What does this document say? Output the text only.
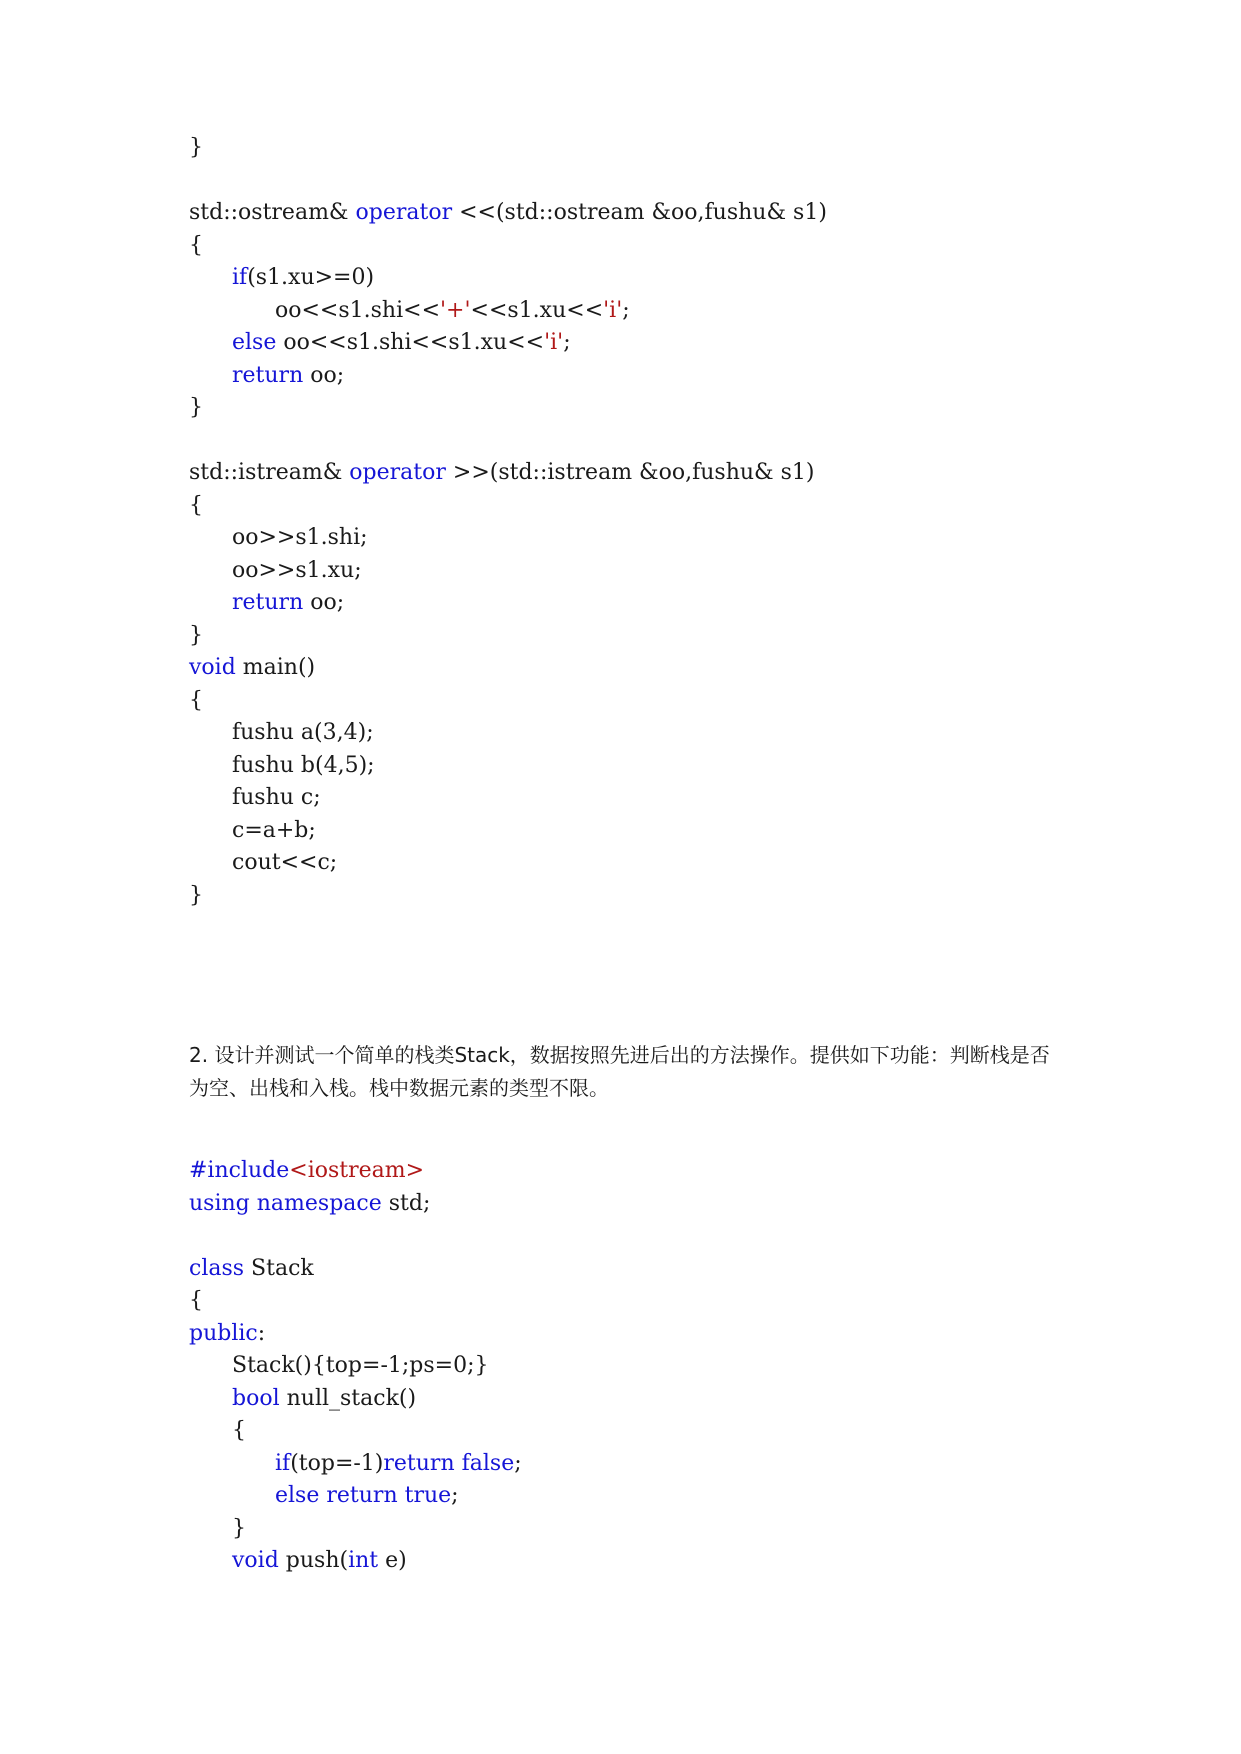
}
std::ostream& operator <<(std::ostream &oo,fushu& s1)
{
if(s1.xu>=0)
oo<<s1.shi<<'+'<<s1.xu<<'i';
else oo<<s1.shi<<s1.xu<<'i';
return oo;
}
std::istream& operator >>(std::istream &oo,fushu& s1)
{
oo>>s1.shi;
oo>>s1.xu;
return oo;
}
void main()
{
fushu a(3,4);
fushu b(4,5);
fushu c;
c=a+b;
cout<<c;
}

2. 设计并测试一个简单的栈类Stack，数据按照先进后出的方法操作。提供如下功能：判断栈是否为空、出栈和入栈。栈中数据元素的类型不限。

#include<iostream>
using namespace std;
class Stack
{
public:
Stack(){top=-1;ps=0;}
bool null_stack()
{
if(top=-1)return false;
else return true;
}
void push(int e)
